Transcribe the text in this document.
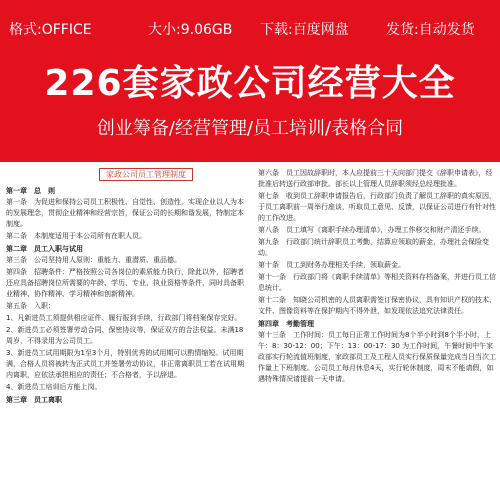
格式:OFFICE	大小:9.06GB 下载:百度网盘	发货:自动发货
226套家政公司经营大全
创业筹备/经营管理/员工培训/表格合同
家政公司员工管理制度
第一章　总　则
第一条　为促进和保持公司员工积极性、自觉性、创造性，实现企业以人为本的发展理念，贯彻企业精神和经营宗旨，保证公司的长期和谐发展，特制定本制度。
第二条　本制度适用于本公司所有在职人员。
第二章　员工入职与试用
第三条　公司坚持用人原则：重能力、重潜质、重品德。
第四条　招聘条件：严格按照公司各岗位的素质能力执行，除此以外，招聘者还应具备招聘岗位所需要的年龄、学历、专业、执业资格等条件，同时具备职业精神、协作精神、学习精神和创新精神。
第五条　入职：
1、凡新进员工须提供相应证件、履行报到手续，行政部门将档案保存完好。
2、新进员工必须签署劳动合同、保密协议等，保证双方的合法权益。未满18周岁，不得录用为公司员工。
3、新进员工试用期限为1至3个月，特别优秀的试用期可以酌情缩短。试用期满，合格人员将被转为正式员工并签署劳动协议，非正常离职员工若在试用期内离职，应依法承担相应的责任；不合格者，予以辞退。
4、新进员工培训后方能上岗。
第三章　员工离职
第六条　员工因故辞职时，本人应提前三十天向部门提交《辞职申请表》，经批准后转送行政部审批。部长以上管理人员辞职须经总经理批准。
第七条　收到员工辞职申请报告后，行政部门负责了解员工辞职的真实原因，于员工离职前一周举行座谈，听取员工意见、反馈，以保证公司进行有针对性的工作改进。
第八条　员工填写《离职手续办理清单》，办理工作移交和财产清还手续。
第九条　行政部门统计辞职员工考勤，结算应领取的薪金，办理社会保险变动。
第十条　员工到财务办理相关手续，领取薪金。
第十一条　行政部门将《离职手续清单》等相关资料存档备案，并进行员工信息统计。
第十二条　知晓公司机密的人员离职需签订保密协议，具有知识产权的技术、文件、图像资料等在保护期内不得外泄，如发现依法追究法律责任。
第四章　考勤管理
第十三条　工作时间：员工每日正常工作时间为8个半小时到8个半小时，上午：8：30-12：00；下午：13：00-17：30 为工作时间，午餐时间中午家政部实行轮流值班制度，家政部员工及工程人员实行保质保量完成当日当次工作量上下班制度。公司员工每月休息4天，实行轮休制度，周末不能请假，如遇特殊情况请提前一天申请。
